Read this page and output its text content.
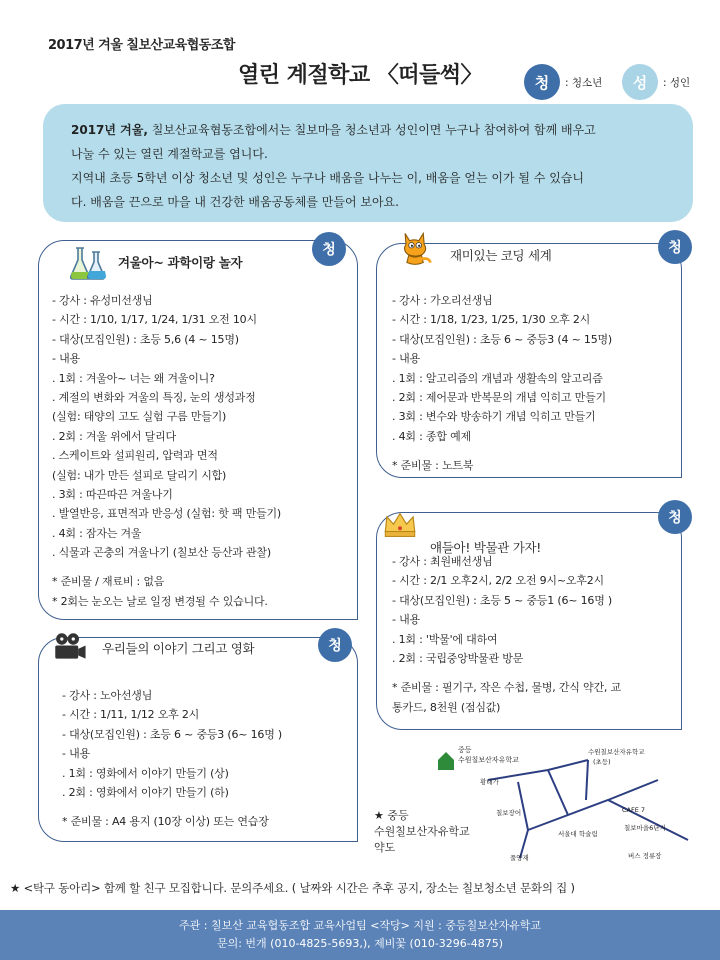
2017년 겨울 칠보산교육협동조합
열린 계절학교 〈떠들썩〉	청	: 청소년	성	: 성인

2017년 겨울, 칠보산교육협동조합에서는 칠보마을 청소년과 성인이면 누구나 참여하여 함께 배우고

나눌 수 있는 열린 계절학교를 엽니다.

지역내 초등 5학년 이상 청소년 및 성인은 누구나 배움을 나누는 이, 배움을 얻는 이가 될 수 있습니

다. 배움을 끈으로 마을 내 건강한 배움공동체를 만들어 보아요.

청
겨울아~ 과학이랑 놀자
- 강사 : 유성미선생님
- 시간 : 1/10, 1/17, 1/24, 1/31 오전 10시
- 대상(모집인원) : 초등 5,6 (4 ~ 15명)
- 내용
. 1회 : 겨울아~ 너는 왜 겨울이니?
. 계절의 변화와 겨울의 특징, 눈의 생성과정
(실험: 태양의 고도 실험 구름 만들기)
. 2회 : 겨울 위에서 달리다
. 스케이트와 설피원리, 압력과 면적
(실험: 내가 만든 설피로 달리기 시합)
. 3회 : 따끈따끈 겨울나기
. 발열반응, 표면적과 반응성 (실험: 핫 팩 만들기)
. 4회 : 잠자는 겨울
. 식물과 곤충의 겨울나기 (칠보산 등산과 관찰)
* 준비물 / 재료비 : 없음
* 2회는 눈오는 날로 일정 변경될 수 있습니다.
청
재미있는 코딩 세계
- 강사 : 가오리선생님
- 시간 : 1/18, 1/23, 1/25, 1/30 오후 2시
- 대상(모집인원) : 초등 6 ~ 중등3 (4 ~ 15명)
- 내용
. 1회 : 알고리즘의 개념과 생활속의 알고리즘
. 2회 : 제어문과 반복문의 개념 익히고 만들기
. 3회 : 변수와 방송하기 개념 익히고 만들기
. 4회 : 종합 예제
* 준비물 : 노트북
청
얘들아! 박물관 가자!
- 강사 : 최원배선생님
- 시간 : 2/1 오후2시, 2/2 오전 9시~오후2시
- 대상(모집인원) : 초등 5 ~ 중등1 (6~ 16명 )
- 내용
. 1회 : '박물'에 대하여
. 2회 : 국립중앙박물관 방문
* 준비물 : 필기구, 작은 수첩, 물병, 간식 약간, 교
통카드, 8천원 (점심값)
청
우리들의 이야기 그리고 영화
- 강사 : 노아선생님
- 시간 : 1/11, 1/12 오후 2시
- 대상(모집인원) : 초등 6 ~ 중등3 (6~ 16명 )
- 내용
. 1회 : 영화에서 이야기 만들기 (상)
. 2회 : 영화에서 이야기 만들기 (하)
* 준비물 : A4 용지 (10장 이상) 또는 연습장	★ 중등
수원칠보산자유학교
약도
중등
수원칠보산자유학교
황태가
칠보장어
서울대 학술림
CAFE 7
칠보마을6단지
버스 정류장
풀양재
수원칠보산자유학교
(초등)
★ <탁구 동아리> 함께 할 친구 모집합니다. 문의주세요. ( 날짜와 시간은 추후 공지, 장소는 칠보청소년 문화의 집 )
주관 : 칠보산 교육협동조합 교육사업팀 <작당> 지원 : 중등칠보산자유학교
문의: 번개 (010-4825-5693,), 제비꽃 (010-3296-4875)
